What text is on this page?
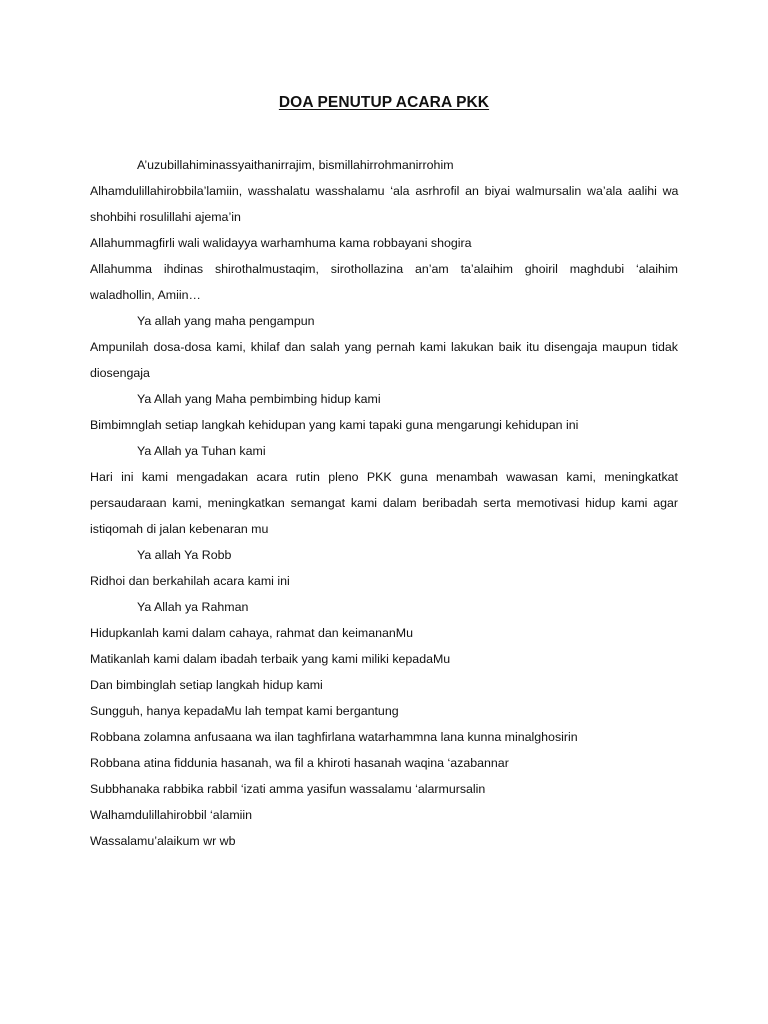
DOA PENUTUP ACARA PKK
A’uzubillahiminassyaithanirrajim, bismillahirrohmanirrohim
Alhamdulillahirobbila’lamiin, wasshalatu wasshalamu ‘ala asrhrofil an biyai walmursalin wa’ala aalihi wa
shohbihi rosulillahi ajema’in
Allahummagfirli wali walidayya warhamhuma kama robbayani shogira
Allahumma ihdinas shirothalmustaqim, sirothollazina an’am ta’alaihim ghoiril maghdubi ‘alaihim
waladhollin, Amiin…
Ya allah yang maha pengampun
Ampunilah dosa-dosa kami, khilaf dan salah yang pernah kami lakukan baik itu disengaja maupun tidak
diosengaja
Ya Allah yang Maha pembimbing hidup kami
Bimbimnglah setiap langkah kehidupan yang kami tapaki guna mengarungi kehidupan ini
Ya Allah ya Tuhan kami
Hari ini kami mengadakan acara rutin pleno PKK guna menambah wawasan kami, meningkatkat
persaudaraan kami, meningkatkan semangat kami dalam beribadah serta memotivasi hidup kami agar
istiqomah di jalan kebenaran mu
Ya allah Ya Robb
Ridhoi dan berkahilah acara kami ini
Ya Allah ya Rahman
Hidupkanlah kami dalam cahaya, rahmat dan keimananMu
Matikanlah kami dalam ibadah terbaik yang kami miliki kepadaMu
Dan bimbinglah setiap langkah hidup kami
Sungguh, hanya kepadaMu lah tempat kami bergantung
Robbana zolamna anfusaana wa ilan taghfirlana watarhammna lana kunna minalghosirin
Robbana atina fiddunia hasanah, wa fil a khiroti hasanah waqina ‘azabannar
Subbhanaka rabbika rabbil ‘izati amma yasifun wassalamu ‘alarmursalin
Walhamdulillahirobbil ‘alamiin
Wassalamu’alaikum wr wb
